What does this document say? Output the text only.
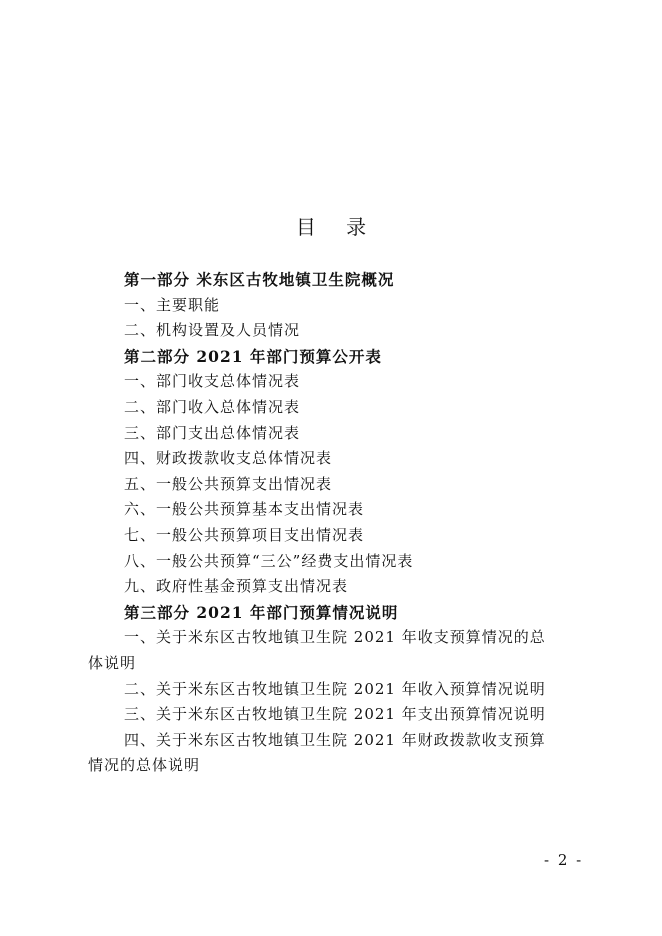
目 录
第一部分 米东区古牧地镇卫生院概况
一、主要职能
二、机构设置及人员情况
第二部分 2021 年部门预算公开表
一、部门收支总体情况表
二、部门收入总体情况表
三、部门支出总体情况表
四、财政拨款收支总体情况表
五、一般公共预算支出情况表
六、一般公共预算基本支出情况表
七、一般公共预算项目支出情况表
八、一般公共预算“三公”经费支出情况表
九、政府性基金预算支出情况表
第三部分 2021 年部门预算情况说明
一、关于米东区古牧地镇卫生院 2021 年收支预算情况的总
体说明
二、关于米东区古牧地镇卫生院 2021 年收入预算情况说明
三、关于米东区古牧地镇卫生院 2021 年支出预算情况说明
四、关于米东区古牧地镇卫生院 2021 年财政拨款收支预算
情况的总体说明
- 2 -
